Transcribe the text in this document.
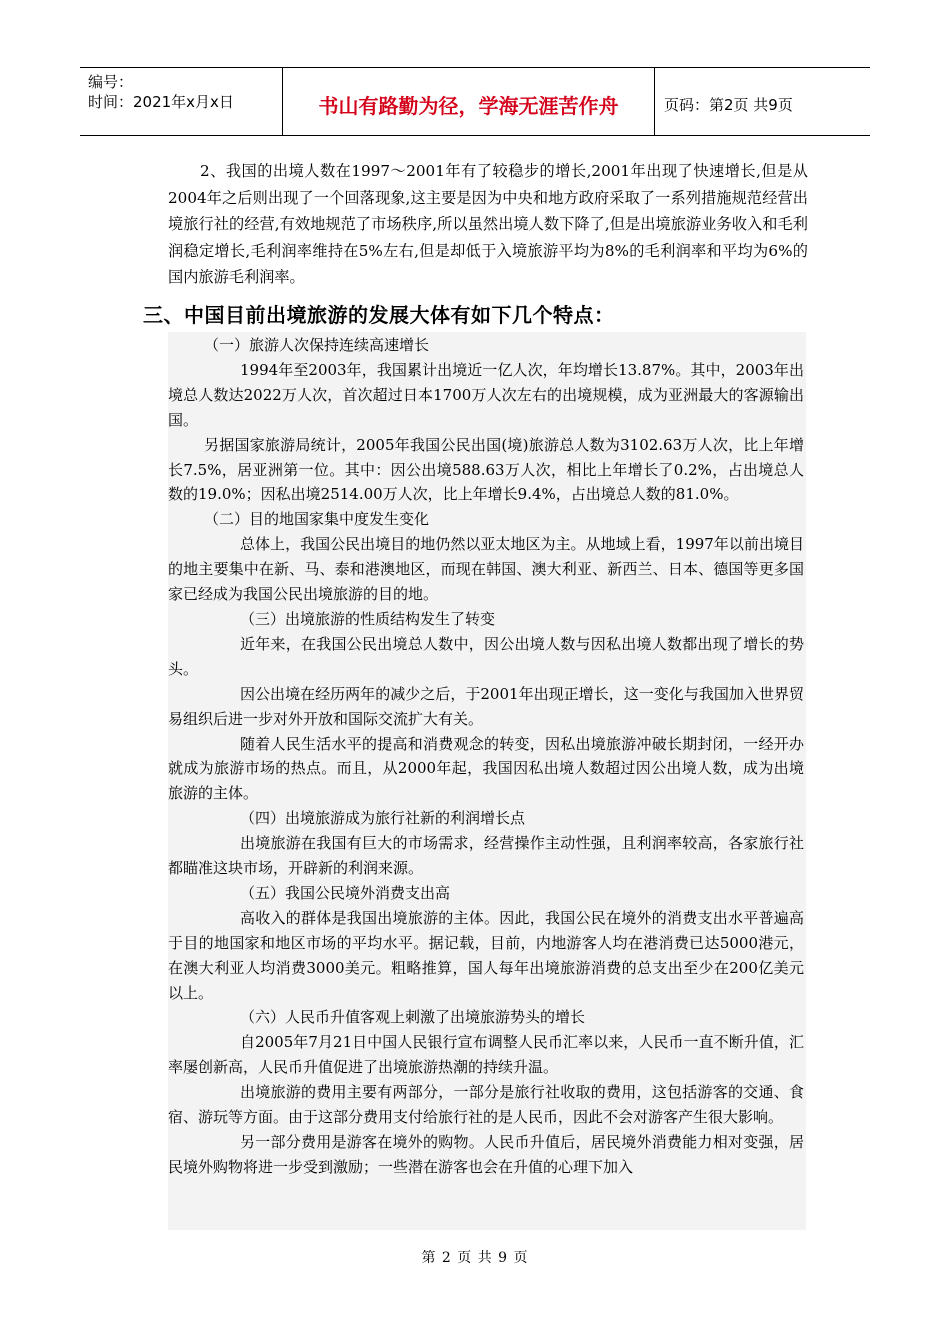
编号：
时间：2021年x月x日	书山有路勤为径，学海无涯苦作舟	页码：第2页 共9页

2、我国的出境人数在1997～2001年有了较稳步的增长,2001年出现了快速增长,但是从2004年之后则出现了一个回落现象,这主要是因为中央和地方政府采取了一系列措施规范经营出境旅行社的经营,有效地规范了市场秩序,所以虽然出境人数下降了,但是出境旅游业务收入和毛利润稳定增长,毛利润率维持在5%左右,但是却低于入境旅游平均为8%的毛利润率和平均为6%的国内旅游毛利润率。

三、中国目前出境旅游的发展大体有如下几个特点：

（一）旅游人次保持连续高速增长

1994年至2003年，我国累计出境近一亿人次，年均增长13.87%。其中，2003年出境总人数达2022万人次，首次超过日本1700万人次左右的出境规模，成为亚洲最大的客源输出国。

另据国家旅游局统计，2005年我国公民出国(境)旅游总人数为3102.63万人次，比上年增长7.5%，居亚洲第一位。其中：因公出境588.63万人次，相比上年增长了0.2%，占出境总人数的19.0%；因私出境2514.00万人次，比上年增长9.4%，占出境总人数的81.0%。

（二）目的地国家集中度发生变化

总体上，我国公民出境目的地仍然以亚太地区为主。从地域上看，1997年以前出境目的地主要集中在新、马、泰和港澳地区，而现在韩国、澳大利亚、新西兰、日本、德国等更多国家已经成为我国公民出境旅游的目的地。

（三）出境旅游的性质结构发生了转变

近年来，在我国公民出境总人数中，因公出境人数与因私出境人数都出现了增长的势头。

因公出境在经历两年的减少之后，于2001年出现正增长，这一变化与我国加入世界贸易组织后进一步对外开放和国际交流扩大有关。

随着人民生活水平的提高和消费观念的转变，因私出境旅游冲破长期封闭，一经开办就成为旅游市场的热点。而且，从2000年起，我国因私出境人数超过因公出境人数，成为出境旅游的主体。

（四）出境旅游成为旅行社新的利润增长点

出境旅游在我国有巨大的市场需求，经营操作主动性强，且利润率较高，各家旅行社都瞄准这块市场，开辟新的利润来源。

（五）我国公民境外消费支出高

高收入的群体是我国出境旅游的主体。因此，我国公民在境外的消费支出水平普遍高于目的地国家和地区市场的平均水平。据记载，目前，内地游客人均在港消费已达5000港元，在澳大利亚人均消费3000美元。粗略推算，国人每年出境旅游消费的总支出至少在200亿美元以上。

（六）人民币升值客观上刺激了出境旅游势头的增长

自2005年7月21日中国人民银行宣布调整人民币汇率以来，人民币一直不断升值，汇率屡创新高，人民币升值促进了出境旅游热潮的持续升温。

出境旅游的费用主要有两部分，一部分是旅行社收取的费用，这包括游客的交通、食宿、游玩等方面。由于这部分费用支付给旅行社的是人民币，因此不会对游客产生很大影响。

另一部分费用是游客在境外的购物。人民币升值后，居民境外消费能力相对变强，居民境外购物将进一步受到激励；一些潜在游客也会在升值的心理下加入

第 2 页 共 9 页
